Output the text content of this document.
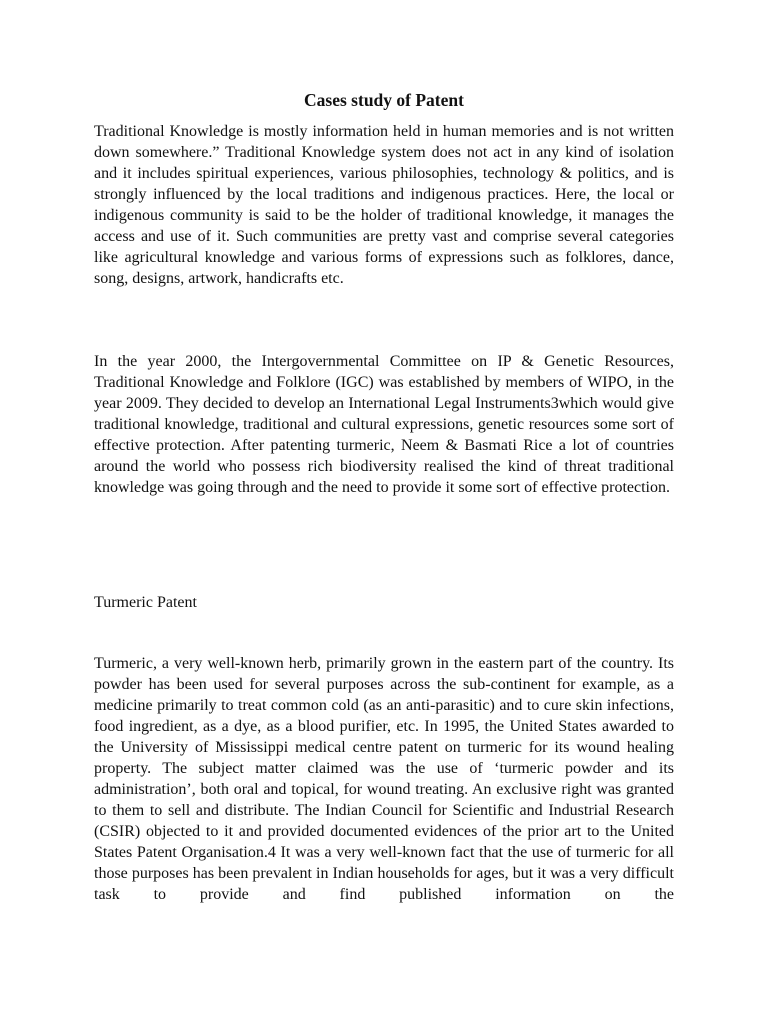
Cases study of Patent

Traditional Knowledge is mostly information held in human memories and is not written down somewhere.” Traditional Knowledge system does not act in any kind of isolation and it includes spiritual experiences, various philosophies, technology & politics, and is strongly influenced by the local traditions and indigenous practices. Here, the local or indigenous community is said to be the holder of traditional knowledge, it manages the access and use of it. Such communities are pretty vast and comprise several categories like agricultural knowledge and various forms of expressions such as folklores, dance, song, designs, artwork, handicrafts etc.

In the year 2000, the Intergovernmental Committee on IP & Genetic Resources, Traditional Knowledge and Folklore (IGC) was established by members of WIPO, in the year 2009. They decided to develop an International Legal Instruments3which would give traditional knowledge, traditional and cultural expressions, genetic resources some sort of effective protection. After patenting turmeric, Neem & Basmati Rice a lot of countries around the world who possess rich biodiversity realised the kind of threat traditional knowledge was going through and the need to provide it some sort of effective protection.

Turmeric Patent

Turmeric, a very well-known herb, primarily grown in the eastern part of the country. Its powder has been used for several purposes across the sub-continent for example, as a medicine primarily to treat common cold (as an anti-parasitic) and to cure skin infections, food ingredient, as a dye, as a blood purifier, etc. In 1995, the United States awarded to the University of Mississippi medical centre patent on turmeric for its wound healing property. The subject matter claimed was the use of ‘turmeric powder and its administration’, both oral and topical, for wound treating. An exclusive right was granted to them to sell and distribute. The Indian Council for Scientific and Industrial Research (CSIR) objected to it and provided documented evidences of the prior art to the United States Patent Organisation.4 It was a very well-known fact that the use of turmeric for all those purposes has been prevalent in Indian households for ages, but it was a very difficult task to provide and find published information on the
